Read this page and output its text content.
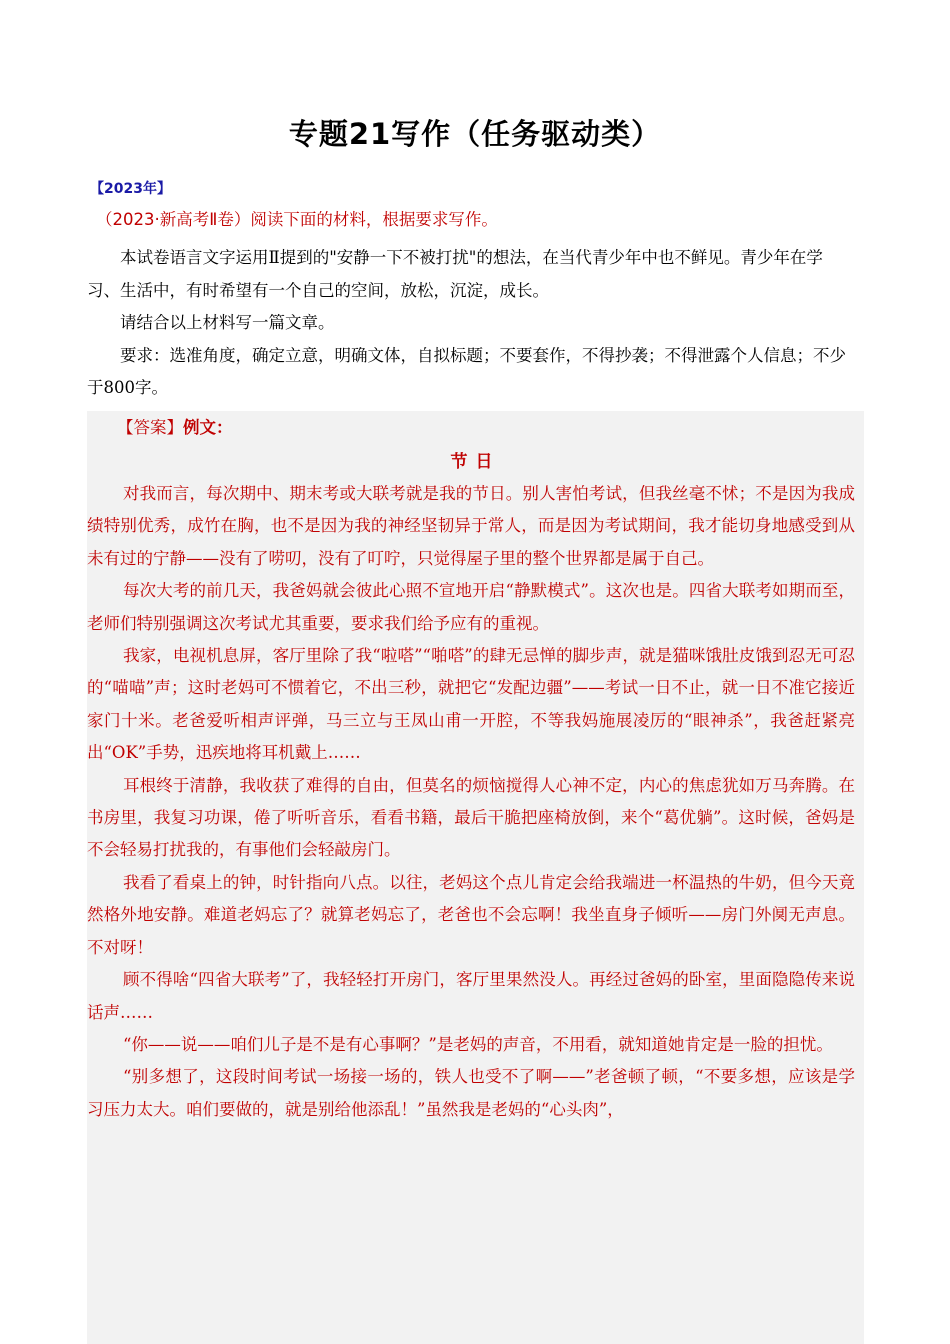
专题21写作（任务驱动类）
【2023年】
（2023·新高考Ⅱ卷）阅读下面的材料，根据要求写作。

本试卷语言文字运用Ⅱ提到的"安静一下不被打扰"的想法，在当代青少年中也不鲜见。青少年在学习、生活中，有时希望有一个自己的空间，放松，沉淀，成长。

请结合以上材料写一篇文章。

要求：选准角度，确定立意，明确文体，自拟标题；不要套作，不得抄袭；不得泄露个人信息；不少于800字。

【答案】例文：
节日

对我而言，每次期中、期末考或大联考就是我的节日。别人害怕考试，但我丝毫不怵；不是因为我成绩特别优秀，成竹在胸，也不是因为我的神经坚韧异于常人，而是因为考试期间，我才能切身地感受到从未有过的宁静——没有了唠叨，没有了叮咛，只觉得屋子里的整个世界都是属于自己。

每次大考的前几天，我爸妈就会彼此心照不宣地开启“静默模式”。这次也是。四省大联考如期而至，老师们特别强调这次考试尤其重要，要求我们给予应有的重视。

我家，电视机息屏，客厅里除了我“啦嗒”“啪嗒”的肆无忌惮的脚步声，就是猫咪饿肚皮饿到忍无可忍的“喵喵”声；这时老妈可不惯着它，不出三秒，就把它“发配边疆”——考试一日不止，就一日不准它接近家门十米。老爸爱听相声评弹，马三立与王凤山甫一开腔，不等我妈施展凌厉的“眼神杀”，我爸赶紧亮出“OK”手势，迅疾地将耳机戴上……

耳根终于清静，我收获了难得的自由，但莫名的烦恼搅得人心神不定，内心的焦虑犹如万马奔腾。在书房里，我复习功课，倦了听听音乐，看看书籍，最后干脆把座椅放倒，来个“葛优躺”。这时候，爸妈是不会轻易打扰我的，有事他们会轻敲房门。

我看了看桌上的钟，时针指向八点。以往，老妈这个点儿肯定会给我端进一杯温热的牛奶，但今天竟然格外地安静。难道老妈忘了？就算老妈忘了，老爸也不会忘啊！我坐直身子倾听——房门外阒无声息。不对呀！

顾不得啥“四省大联考”了，我轻轻打开房门，客厅里果然没人。再经过爸妈的卧室，里面隐隐传来说话声……

“你——说——咱们儿子是不是有心事啊？”是老妈的声音，不用看，就知道她肯定是一脸的担忧。

“别多想了，这段时间考试一场接一场的，铁人也受不了啊——”老爸顿了顿，“不要多想，应该是学习压力太大。咱们要做的，就是别给他添乱！”虽然我是老妈的“心头肉”，
